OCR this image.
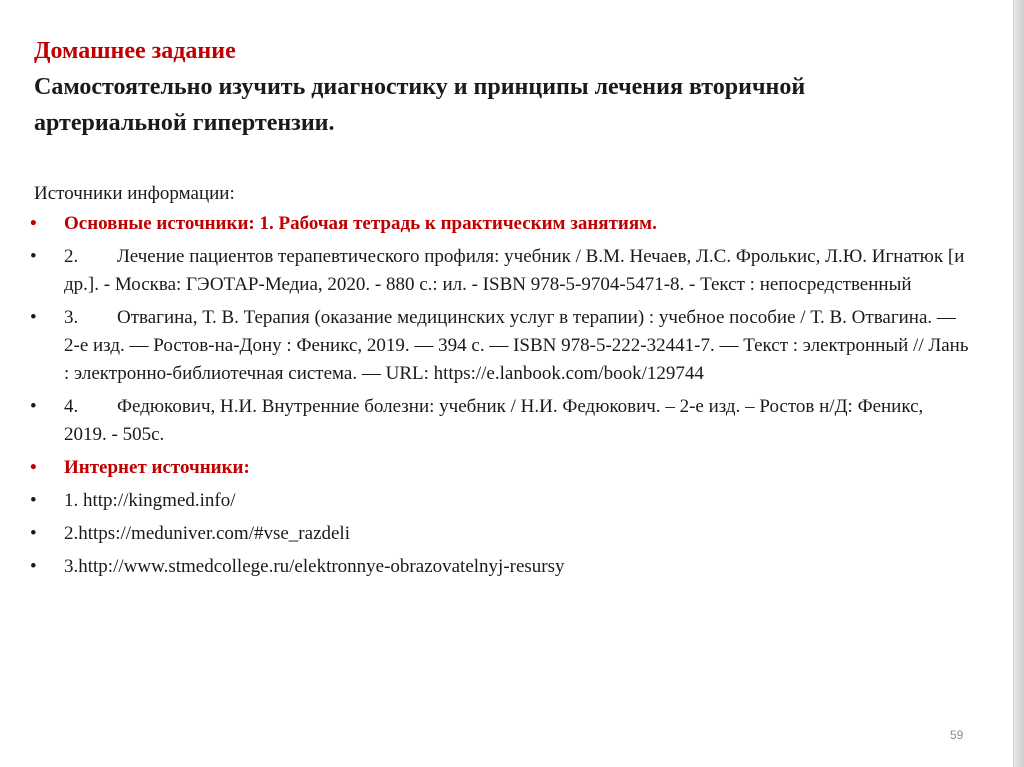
Домашнее задание
Самостоятельно изучить диагностику и принципы лечения вторичной артериальной гипертензии.
Источники информации:
•	Основные источники: 1. Рабочая тетрадь к практическим занятиям.
•	2. Лечение пациентов терапевтического профиля: учебник / В.М. Нечаев, Л.С. Фролькис, Л.Ю. Игнатюк [и др.]. - Москва: ГЭОТАР-Медиа, 2020. - 880 с.: ил. - ISBN 978-5-9704-5471-8. - Текст : непосредственный
•	3. Отвагина, Т. В. Терапия (оказание медицинских услуг в терапии) : учебное пособие / Т. В. Отвагина. — 2-е изд. — Ростов-на-Дону : Феникс, 2019. — 394 с. — ISBN 978-5-222-32441-7. — Текст : электронный // Лань : электронно-библиотечная система. — URL: https://e.lanbook.com/book/129744
•	4. Федюкович, Н.И. Внутренние болезни: учебник / Н.И. Федюкович. – 2-е изд. – Ростов н/Д: Феникс, 2019. - 505с.
•	Интернет источники:
•	1. http://kingmed.info/
•	2.https://meduniver.com/#vse_razdeli
•	3.http://www.stmedcollege.ru/elektronnye-obrazovatelnyj-resursy
59
